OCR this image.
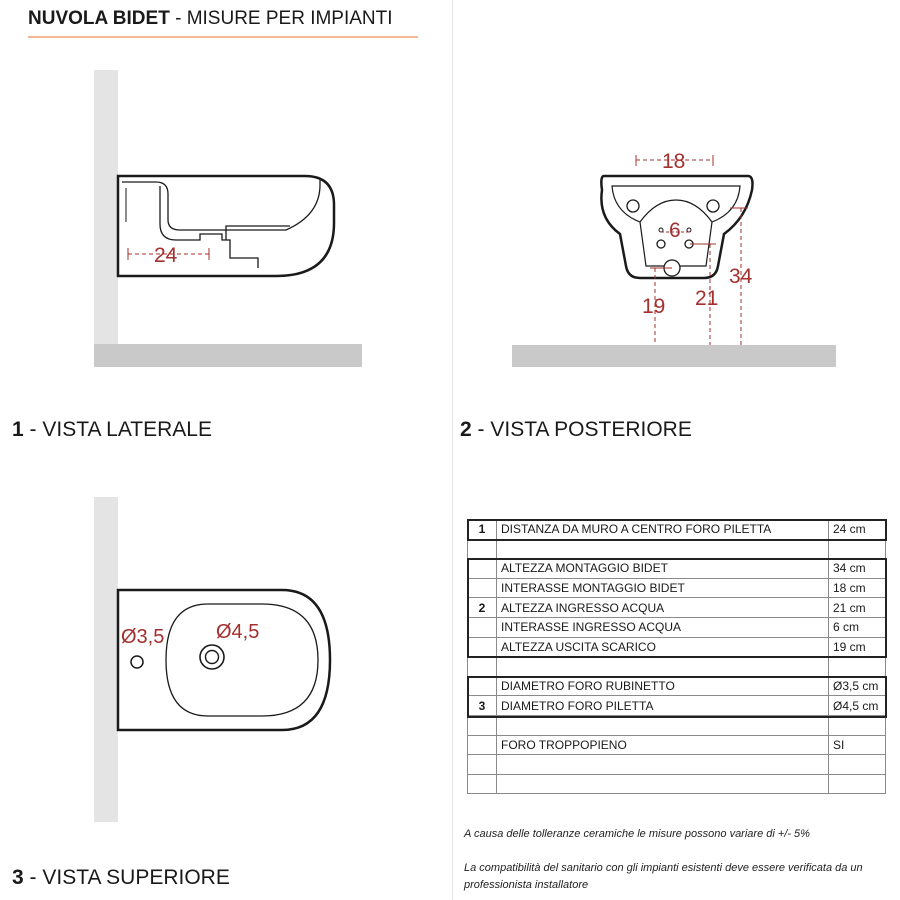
NUVOLA BIDET - MISURE PER IMPIANTI
24
1 - VISTA LATERALE
18
6
34
21
19
2 - VISTA POSTERIORE
Ø3,5	Ø4,5
3 - VISTA SUPERIORE
1	DISTANZA DA MURO A CENTRO FORO PILETTA	24 cm

	ALTEZZA MONTAGGIO BIDET	34 cm
	INTERASSE MONTAGGIO BIDET	18 cm
2	ALTEZZA INGRESSO ACQUA	21 cm
	INTERASSE INGRESSO ACQUA	6 cm
	ALTEZZA USCITA SCARICO	19 cm

	DIAMETRO FORO RUBINETTO	Ø3,5 cm
3	DIAMETRO FORO PILETTA	Ø4,5 cm

	FORO TROPPOPIENO	SI

A causa delle tolleranze ceramiche le misure possono variare di +/- 5%
La compatibilità del sanitario con gli impianti esistenti deve essere verificata da un professionista installatore
